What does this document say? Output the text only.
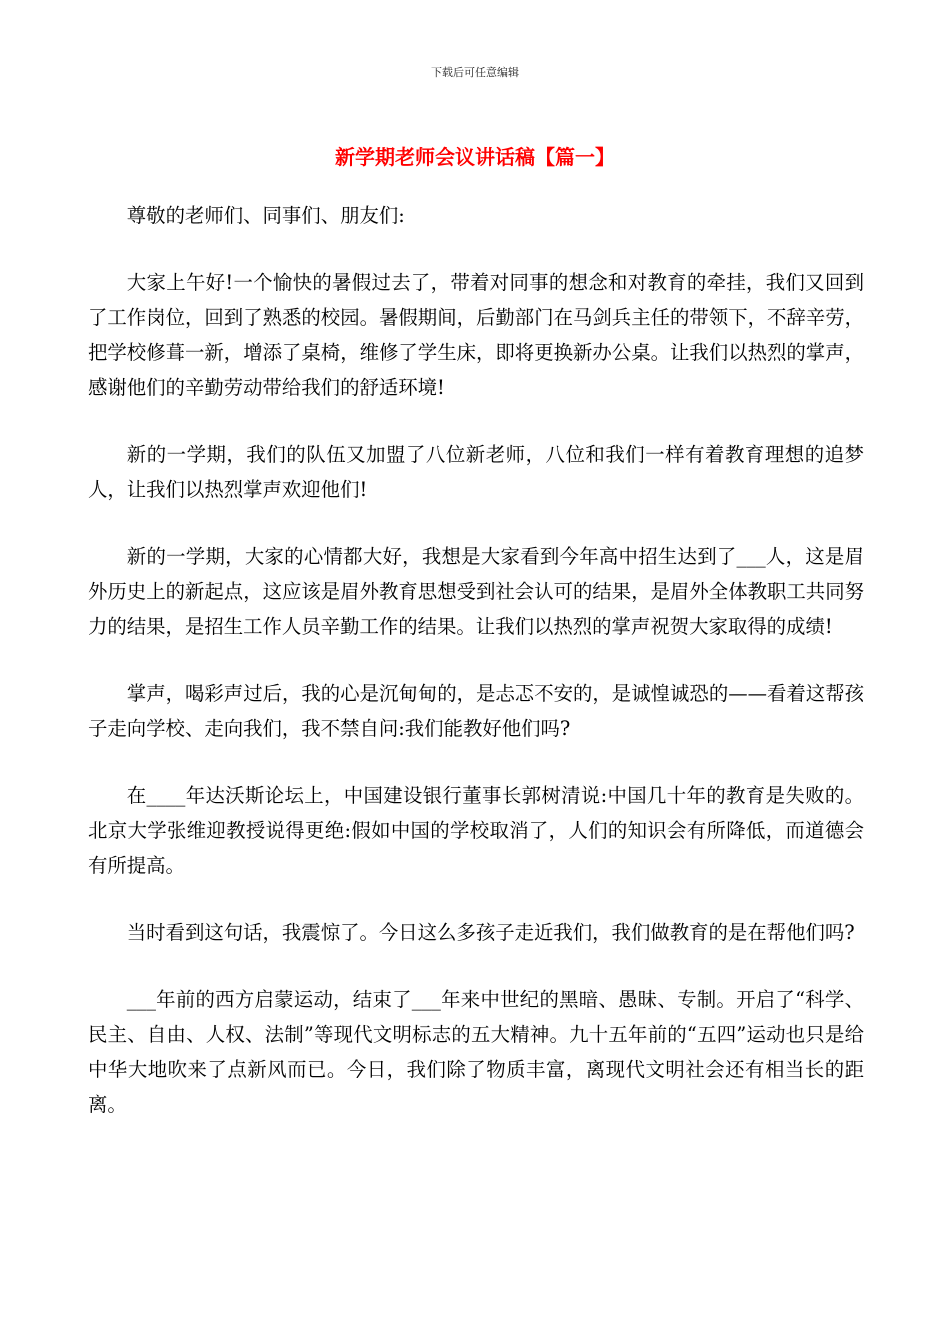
下载后可任意编辑
新学期老师会议讲话稿【篇一】

尊敬的老师们、同事们、朋友们:

大家上午好!一个愉快的暑假过去了，带着对同事的想念和对教育的牵挂，我们又回到了工作岗位，回到了熟悉的校园。暑假期间，后勤部门在马剑兵主任的带领下，不辞辛劳，把学校修葺一新，增添了桌椅，维修了学生床，即将更换新办公桌。让我们以热烈的掌声，感谢他们的辛勤劳动带给我们的舒适环境!

新的一学期，我们的队伍又加盟了八位新老师，八位和我们一样有着教育理想的追梦人，让我们以热烈掌声欢迎他们!

新的一学期，大家的心情都大好，我想是大家看到今年高中招生达到了___人，这是眉外历史上的新起点，这应该是眉外教育思想受到社会认可的结果，是眉外全体教职工共同努力的结果，是招生工作人员辛勤工作的结果。让我们以热烈的掌声祝贺大家取得的成绩!

掌声，喝彩声过后，我的心是沉甸甸的，是忐忑不安的，是诚惶诚恐的——看着这帮孩子走向学校、走向我们，我不禁自问:我们能教好他们吗?

在____年达沃斯论坛上，中国建设银行董事长郭树清说:中国几十年的教育是失败的。北京大学张维迎教授说得更绝:假如中国的学校取消了，人们的知识会有所降低，而道德会有所提高。

当时看到这句话，我震惊了。今日这么多孩子走近我们，我们做教育的是在帮他们吗?

___年前的西方启蒙运动，结束了___年来中世纪的黑暗、愚昧、专制。开启了“科学、民主、自由、人权、法制”等现代文明标志的五大精神。九十五年前的“五四”运动也只是给中华大地吹来了点新风而已。今日，我们除了物质丰富，离现代文明社会还有相当长的距离。
